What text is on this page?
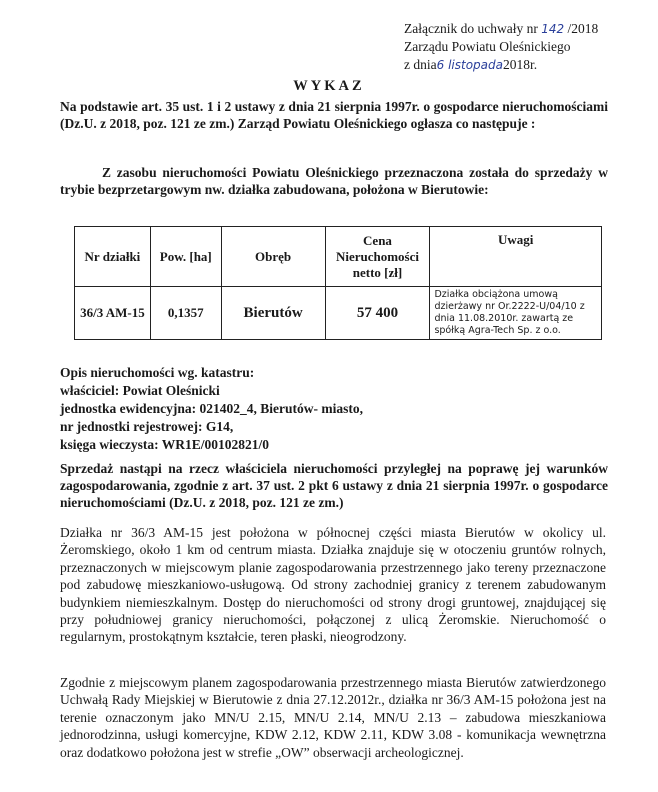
Załącznik do uchwały nr 142 /2018
Zarządu Powiatu Oleśnickiego
z dnia6 listopada2018r.
WYKAZ
Na podstawie art. 35 ust. 1 i 2 ustawy z dnia 21 sierpnia 1997r. o gospodarce nieruchomościami (Dz.U. z 2018, poz. 121 ze zm.) Zarząd Powiatu Oleśnickiego ogłasza co następuje :
Z zasobu nieruchomości Powiatu Oleśnickiego przeznaczona została do sprzedaży w trybie bezprzetargowym nw. działka zabudowana, położona w Bierutowie:
Nr działki	Pow. [ha]	Obręb	Cena Nieruchomości netto [zł]	Uwagi
36/3 AM-15	0,1357	Bierutów	57 400	Działka obciążona umową dzierżawy nr Or.2222-U/04/10 z dnia 11.08.2010r. zawartą ze spółką Agra-Tech Sp. z o.o.
Opis nieruchomości wg. katastru:
właściciel: Powiat Oleśnicki
jednostka ewidencyjna: 021402_4, Bierutów- miasto,
nr jednostki rejestrowej: G14,
księga wieczysta: WR1E/00102821/0
Sprzedaż nastąpi na rzecz właściciela nieruchomości przyległej na poprawę jej warunków zagospodarowania, zgodnie z art. 37 ust. 2 pkt 6 ustawy z dnia 21 sierpnia 1997r. o gospodarce nieruchomościami (Dz.U. z 2018, poz. 121 ze zm.)
Działka nr 36/3 AM-15 jest położona w północnej części miasta Bierutów w okolicy ul. Żeromskiego, około 1 km od centrum miasta. Działka znajduje się w otoczeniu gruntów rolnych, przeznaczonych w miejscowym planie zagospodarowania przestrzennego jako tereny przeznaczone pod zabudowę mieszkaniowo-usługową. Od strony zachodniej granicy z terenem zabudowanym budynkiem niemieszkalnym. Dostęp do nieruchomości od strony drogi gruntowej, znajdującej się przy południowej granicy nieruchomości, połączonej z ulicą Żeromskie. Nieruchomość o regularnym, prostokątnym kształcie, teren płaski, nieogrodzony.
Zgodnie z miejscowym planem zagospodarowania przestrzennego miasta Bierutów zatwierdzonego Uchwałą Rady Miejskiej w Bierutowie z dnia 27.12.2012r., działka nr 36/3 AM-15 położona jest na terenie oznaczonym jako MN/U 2.15, MN/U 2.14, MN/U 2.13 – zabudowa mieszkaniowa jednorodzinna, usługi komercyjne, KDW 2.12, KDW 2.11, KDW 3.08 - komunikacja wewnętrzna oraz dodatkowo położona jest w strefie „OW” obserwacji archeologicznej.
